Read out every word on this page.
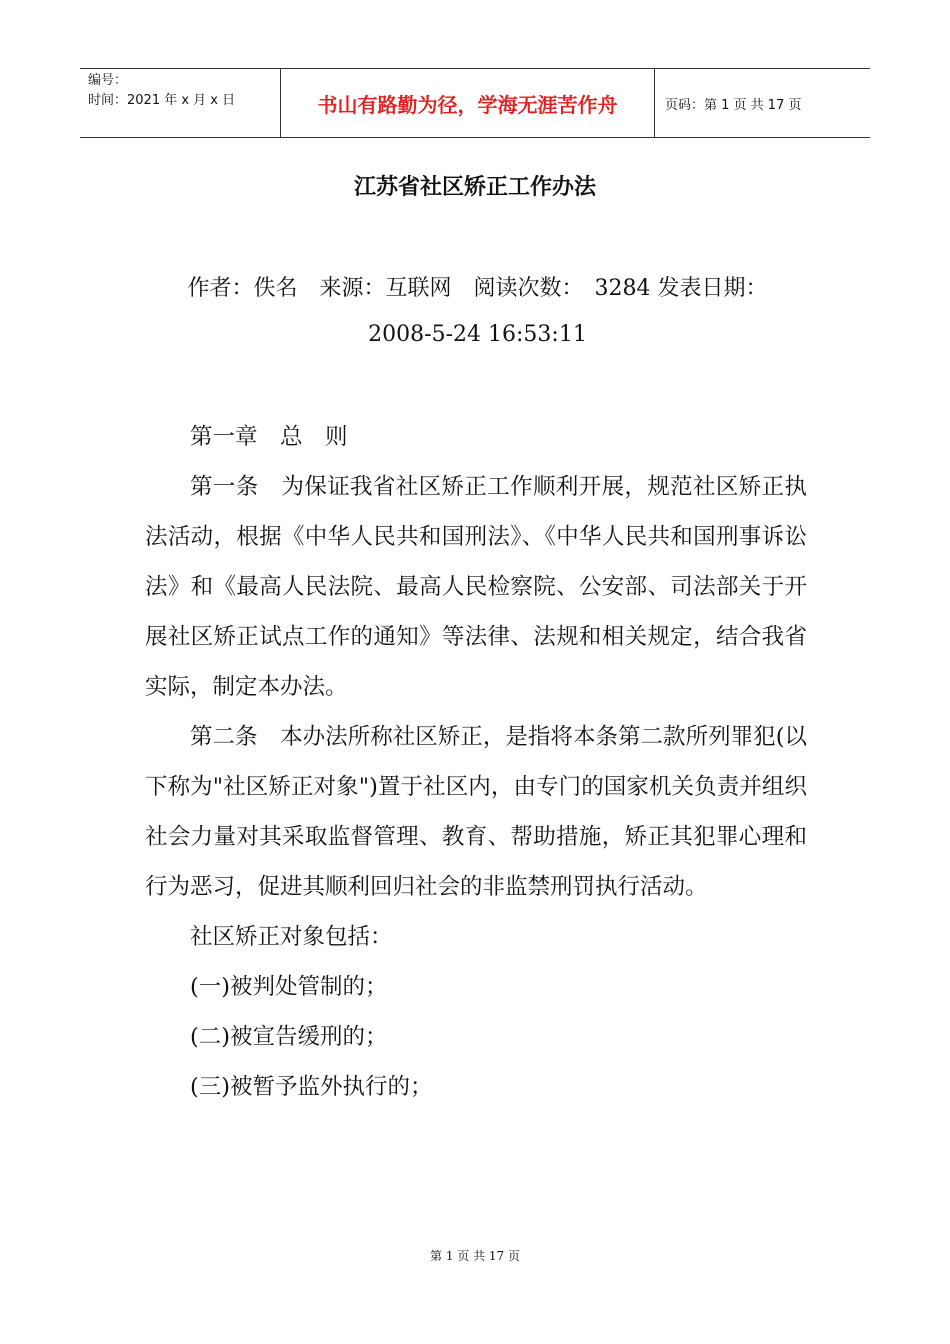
编号：
时间：2021 年 x 月 x 日	书山有路勤为径，学海无涯苦作舟	页码：第 1 页 共 17 页
江苏省社区矫正工作办法
作者：佚名　来源：互联网　阅读次数：　3284 发表日期：
2008-5-24 16:53:11

第一章　总　则

第一条　为保证我省社区矫正工作顺利开展，规范社区矫正执法活动，根据《中华人民共和国刑法》、《中华人民共和国刑事诉讼法》和《最高人民法院、最高人民检察院、公安部、司法部关于开展社区矫正试点工作的通知》等法律、法规和相关规定，结合我省实际，制定本办法。

第二条　本办法所称社区矫正，是指将本条第二款所列罪犯(以下称为"社区矫正对象")置于社区内，由专门的国家机关负责并组织社会力量对其采取监督管理、教育、帮助措施，矫正其犯罪心理和行为恶习，促进其顺利回归社会的非监禁刑罚执行活动。

社区矫正对象包括：

(一)被判处管制的；

(二)被宣告缓刑的；

(三)被暂予监外执行的；

第 1 页 共 17 页
